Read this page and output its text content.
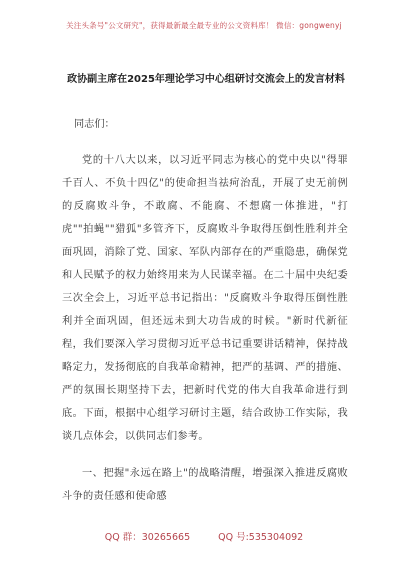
关注头条号"公文研究"，获得最新最全最专业的公文资料库！ 微信：gongwenyj
政协副主席在2025年理论学习中心组研讨交流会上的发言材料
同志们：

党的十八大以来，以习近平同志为核心的党中央以"得罪千百人、不负十四亿"的使命担当祛疴治乱，开展了史无前例的反腐败斗争，不敢腐、不能腐、不想腐一体推进，"打虎""拍蝇""猎狐"多管齐下，反腐败斗争取得压倒性胜利并全面巩固，消除了党、国家、军队内部存在的严重隐患，确保党和人民赋予的权力始终用来为人民谋幸福。在二十届中央纪委三次全会上，习近平总书记指出："反腐败斗争取得压倒性胜利并全面巩固，但还远未到大功告成的时候。"新时代新征程，我们要深入学习贯彻习近平总书记重要讲话精神，保持战略定力，发扬彻底的自我革命精神，把严的基调、严的措施、严的氛围长期坚持下去，把新时代党的伟大自我革命进行到底。下面，根据中心组学习研讨主题，结合政协工作实际，我谈几点体会，以供同志们参考。

一、把握"永远在路上"的战略清醒，增强深入推进反腐败斗争的责任感和使命感

QQ 群：30265665	QQ 号:535304092
